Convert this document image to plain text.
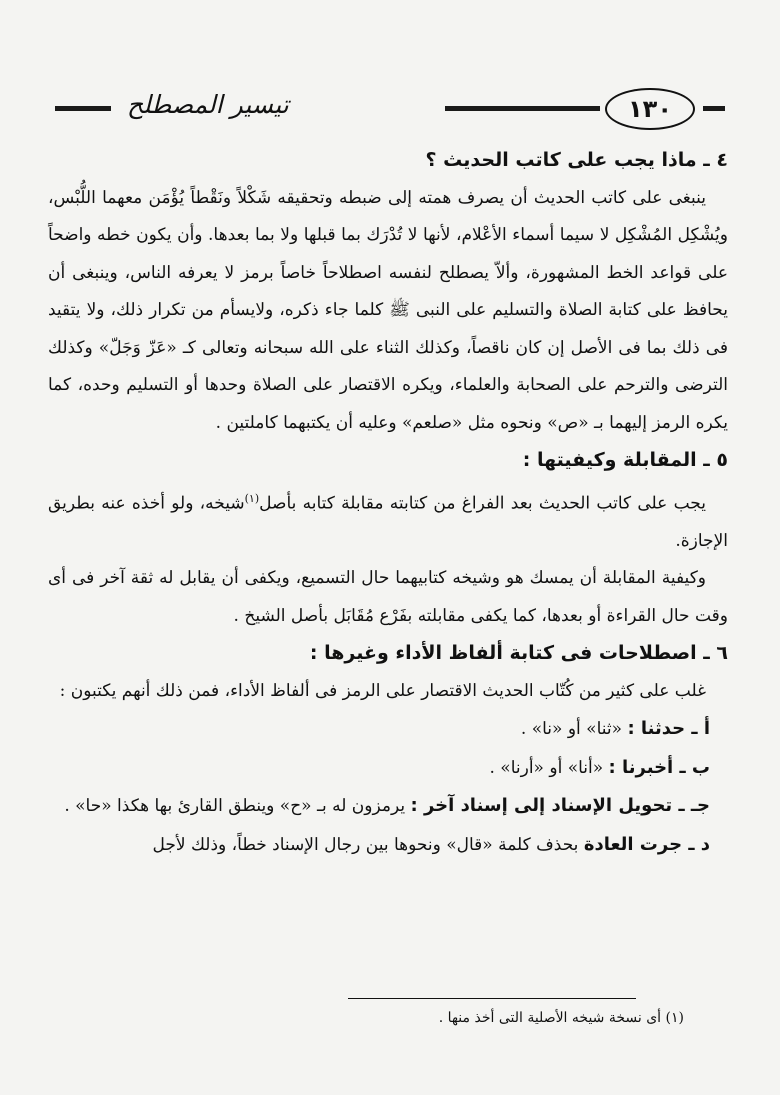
١٣٠
تيسير المصطلح
٤ ـ ماذا يجب على كاتب الحديث ؟

ينبغى على كاتب الحديث أن يصرف همته إلى ضبطه وتحقيقه شَكْلاً ونَقْطاً يُؤْمَن معهما اللُّبْس، ويُشْكِل المُشْكِل لا سيما أسماء الأعْلام، لأنها لا تُدْرَك بما قبلها ولا بما بعدها. وأن يكون خطه واضحاً على قواعد الخط المشهورة، وألاّ يصطلح لنفسه اصطلاحاً خاصاً برمز لا يعرفه الناس، وينبغى أن يحافظ على كتابة الصلاة والتسليم على النبى ﷺ كلما جاء ذكره، ولايسأم من تكرار ذلك، ولا يتقيد فى ذلك بما فى الأصل إن كان ناقصاً، وكذلك الثناء على الله سبحانه وتعالى كـ «عَزّ وَجَلّ» وكذلك الترضى والترحم على الصحابة والعلماء، ويكره الاقتصار على الصلاة وحدها أو التسليم وحده، كما يكره الرمز إليهما بـ «ص» ونحوه مثل «صلعم» وعليه أن يكتبهما كاملتين .

٥ ـ المقابلة وكيفيتها :

يجب على كاتب الحديث بعد الفراغ من كتابته مقابلة كتابه بأصل$^{(١)}$شيخه، ولو أخذه عنه بطريق الإجازة.

وكيفية المقابلة أن يمسك هو وشيخه كتابيهما حال التسميع، ويكفى أن يقابل له ثقة آخر فى أى وقت حال القراءة أو بعدها، كما يكفى مقابلته بفَرْع مُقَابَل بأصل الشيخ .

٦ ـ اصطلاحات فى كتابة ألفاظ الأداء وغيرها :

غلب على كثير من كُتّاب الحديث الاقتصار على الرمز فى ألفاظ الأداء، فمن ذلك أنهم يكتبون :

أ ـ حدثنا : «ثنا» أو «نا» .

ب ـ أخبرنا : «أنا» أو «أرنا» .

جـ ـ تحويل الإسناد إلى إسناد آخر : يرمزون له بـ «ح» وينطق القارئ بها هكذا «حا» .

د ـ جرت العادة بحذف كلمة «قال» ونحوها بين رجال الإسناد خطاً، وذلك لأجل

(١) أى نسخة شيخه الأصلية التى أخذ منها .
